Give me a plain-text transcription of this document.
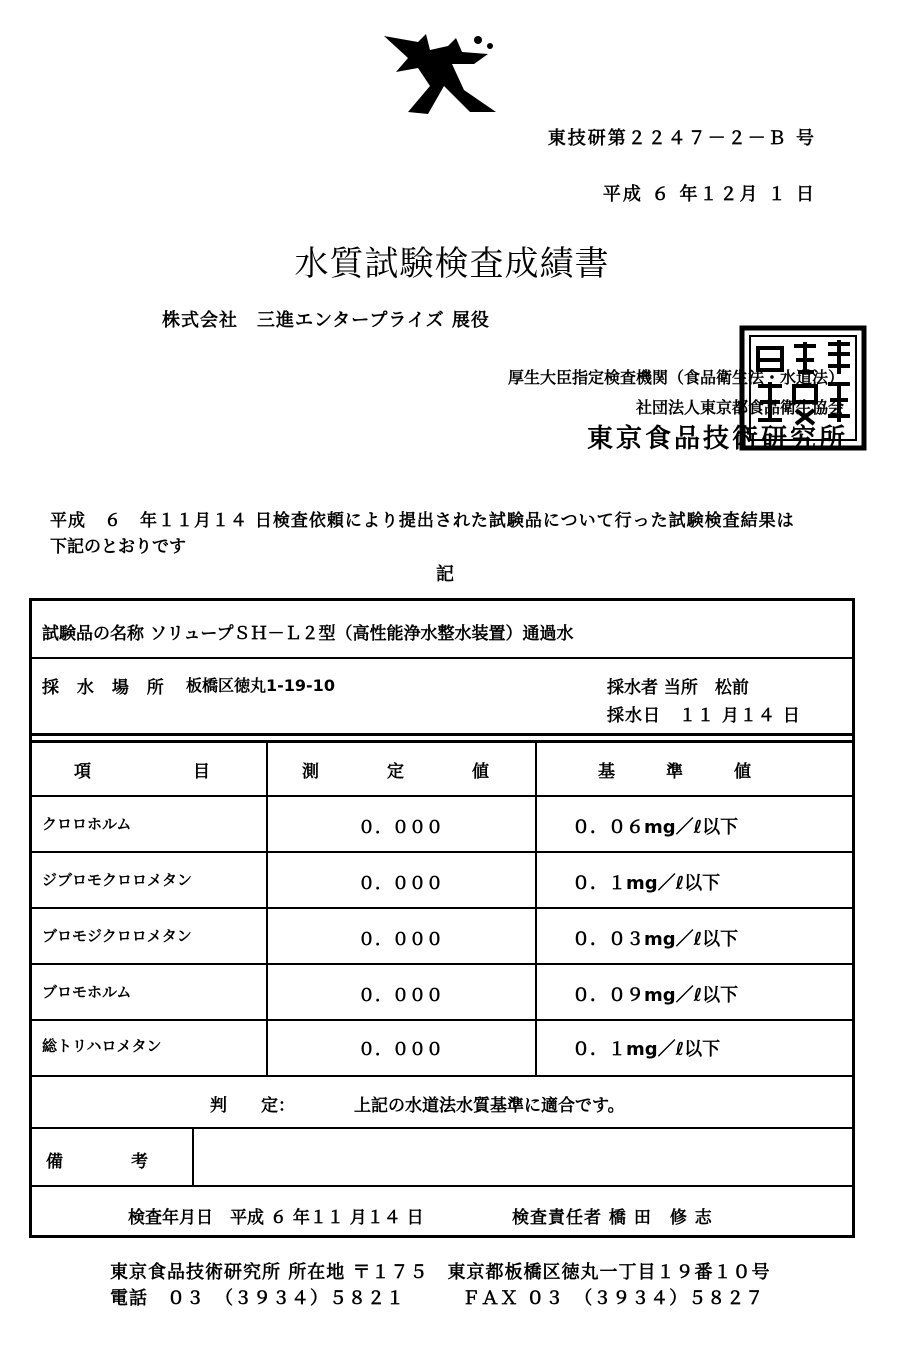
東技研第２２４７－２－Ｂ 号
平成 ６ 年１２月 １ 日
水質試験検査成績書
株式会社　三進エンタープライズ 展役
厚生大臣指定検査機関（食品衛生法・水道法）
社団法人東京都食品衛生協会
東京食品技術研究所
平成　６　年１１月１４ 日検査依頼により提出された試験品について行った試験検査結果は
下記のとおりです
記
試験品の名称 ソリュープＳＨ－Ｌ２型（高性能浄水整水装置）通過水
採 水 場 所 板橋区徳丸1-19-10	採水者 当所　松前
採水日　１１ 月１４ 日
項　　　　　　目	測　　　　定　　　　値	基　　　準　　　値
クロロホルム	０．０００	０．０６mg／ℓ以下
ジブロモクロロメタン	０．０００	０．１mg／ℓ以下
ブロモジクロロメタン	０．０００	０．０３mg／ℓ以下
ブロモホルム	０．０００	０．０９mg／ℓ以下
総トリハロメタン	０．０００	０．１mg／ℓ以下
判　　定：	上記の水道法水質基準に適合です。
備　　　　考
検査年月日　平成 ６ 年１１ 月１４ 日	検査責任者 橋 田　修 志
東京食品技術研究所 所在地 〒１７５　東京都板橋区徳丸一丁目１９番１０号
電話　０３　（３９３４）５８２１　　　ＦＡＸ ０３　（３９３４）５８２７
